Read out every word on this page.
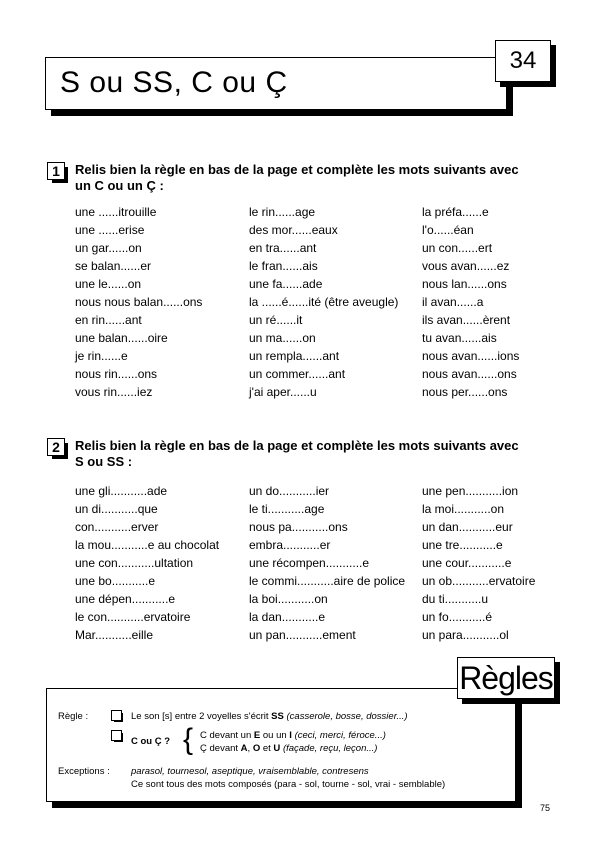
S ou SS, C ou Ç
34
1	Relis bien la règle en bas de la page et complète les mots suivants avec
un C ou un Ç :
une ......itrouille
une ......erise
un gar......on
se balan......er
une le......on
nous nous balan......ons
en rin......ant
une balan......oire
je rin......e
nous rin......ons
vous rin......iez
le rin......age
des mor......eaux
en tra......ant
le fran......ais
une fa......ade
la ......é......ité (être aveugle)
un ré......it
un ma......on
un rempla......ant
un commer......ant
j'ai aper......u
la préfa......e
l'o......éan
un con......ert
vous avan......ez
nous lan......ons
il avan......a
ils avan......èrent
tu avan......ais
nous avan......ions
nous avan......ons
nous per......ons
2	Relis bien la règle en bas de la page et complète les mots suivants avec
S ou SS :
une gli...........ade
un di...........que
con...........erver
la mou...........e au chocolat
une con...........ultation
une bo...........e
une dépen...........e
le con...........ervatoire
Mar...........eille
un do...........ier
le ti...........age
nous pa...........ons
embra...........er
une récompen...........e
le commi...........aire de police
la boi...........on
la dan...........e
un pan...........ement
une pen...........ion
la moi...........on
un dan...........eur
une tre...........e
une cour...........e
un ob...........ervatoire
du ti...........u
un fo...........é
un para...........ol
Règles
Règle :	Le son [s] entre 2 voyelles s'écrit SS (casserole, bosse, dossier...)
C ou Ç ? { C devant un E ou un I (ceci, merci, féroce...)
Ç devant A, O et U (façade, reçu, leçon...)
Exceptions : parasol, tournesol, aseptique, vraisemblable, contresens
Ce sont tous des mots composés (para - sol, tourne - sol, vrai - semblable)
75
